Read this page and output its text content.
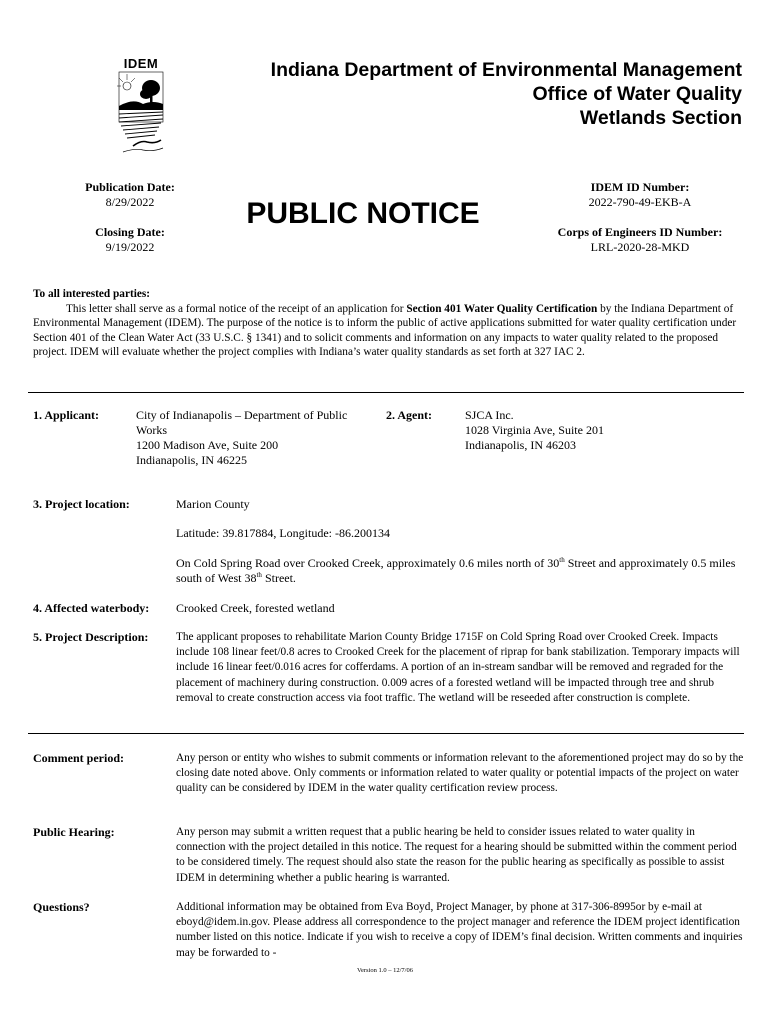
IDEM	Indiana Department of Environmental Management
Office of Water Quality
Wetlands Section
Publication Date:
8/29/2022
Closing Date:
9/19/2022
PUBLIC NOTICE
IDEM ID Number:
2022-790-49-EKB-A
Corps of Engineers ID Number:
LRL-2020-28-MKD
To all interested parties:
This letter shall serve as a formal notice of the receipt of an application for Section 401 Water Quality Certification by the Indiana Department of Environmental Management (IDEM). The purpose of the notice is to inform the public of active applications submitted for water quality certification under Section 401 of the Clean Water Act (33 U.S.C. § 1341) and to solicit comments and information on any impacts to water quality related to the proposed project. IDEM will evaluate whether the project complies with Indiana’s water quality standards as set forth at 327 IAC 2.
1. Applicant:	City of Indianapolis – Department of Public
Works
1200 Madison Ave, Suite 200
Indianapolis, IN 46225
2. Agent:	SJCA Inc.
1028 Virginia Ave, Suite 201
Indianapolis, IN 46203
3. Project location:	Marion County
Latitude: 39.817884, Longitude: -86.200134
On Cold Spring Road over Crooked Creek, approximately 0.6 miles north of 30th Street and approximately 0.5 miles south of West 38th Street.
4. Affected waterbody: Crooked Creek, forested wetland
5. Project Description: The applicant proposes to rehabilitate Marion County Bridge 1715F on Cold Spring Road over Crooked Creek. Impacts include 108 linear feet/0.8 acres to Crooked Creek for the placement of riprap for bank stabilization. Temporary impacts will include 16 linear feet/0.016 acres for cofferdams. A portion of an in-stream sandbar will be removed and regraded for the placement of machinery during construction. 0.009 acres of a forested wetland will be impacted through tree and shrub removal to create construction access via foot traffic. The wetland will be reseeded after construction is complete.
Comment period:	Any person or entity who wishes to submit comments or information relevant to the aforementioned project may do so by the closing date noted above. Only comments or information related to water quality or potential impacts of the project on water quality can be considered by IDEM in the water quality certification review process.
Public Hearing:	Any person may submit a written request that a public hearing be held to consider issues related to water quality in connection with the project detailed in this notice. The request for a hearing should be submitted within the comment period to be considered timely. The request should also state the reason for the public hearing as specifically as possible to assist IDEM in determining whether a public hearing is warranted.
Questions?	Additional information may be obtained from Eva Boyd, Project Manager, by phone at 317-306-8995or by e-mail at eboyd@idem.in.gov. Please address all correspondence to the project manager and reference the IDEM project identification number listed on this notice. Indicate if you wish to receive a copy of IDEM’s final decision. Written comments and inquiries may be forwarded to -
Version 1.0 – 12/7/06
